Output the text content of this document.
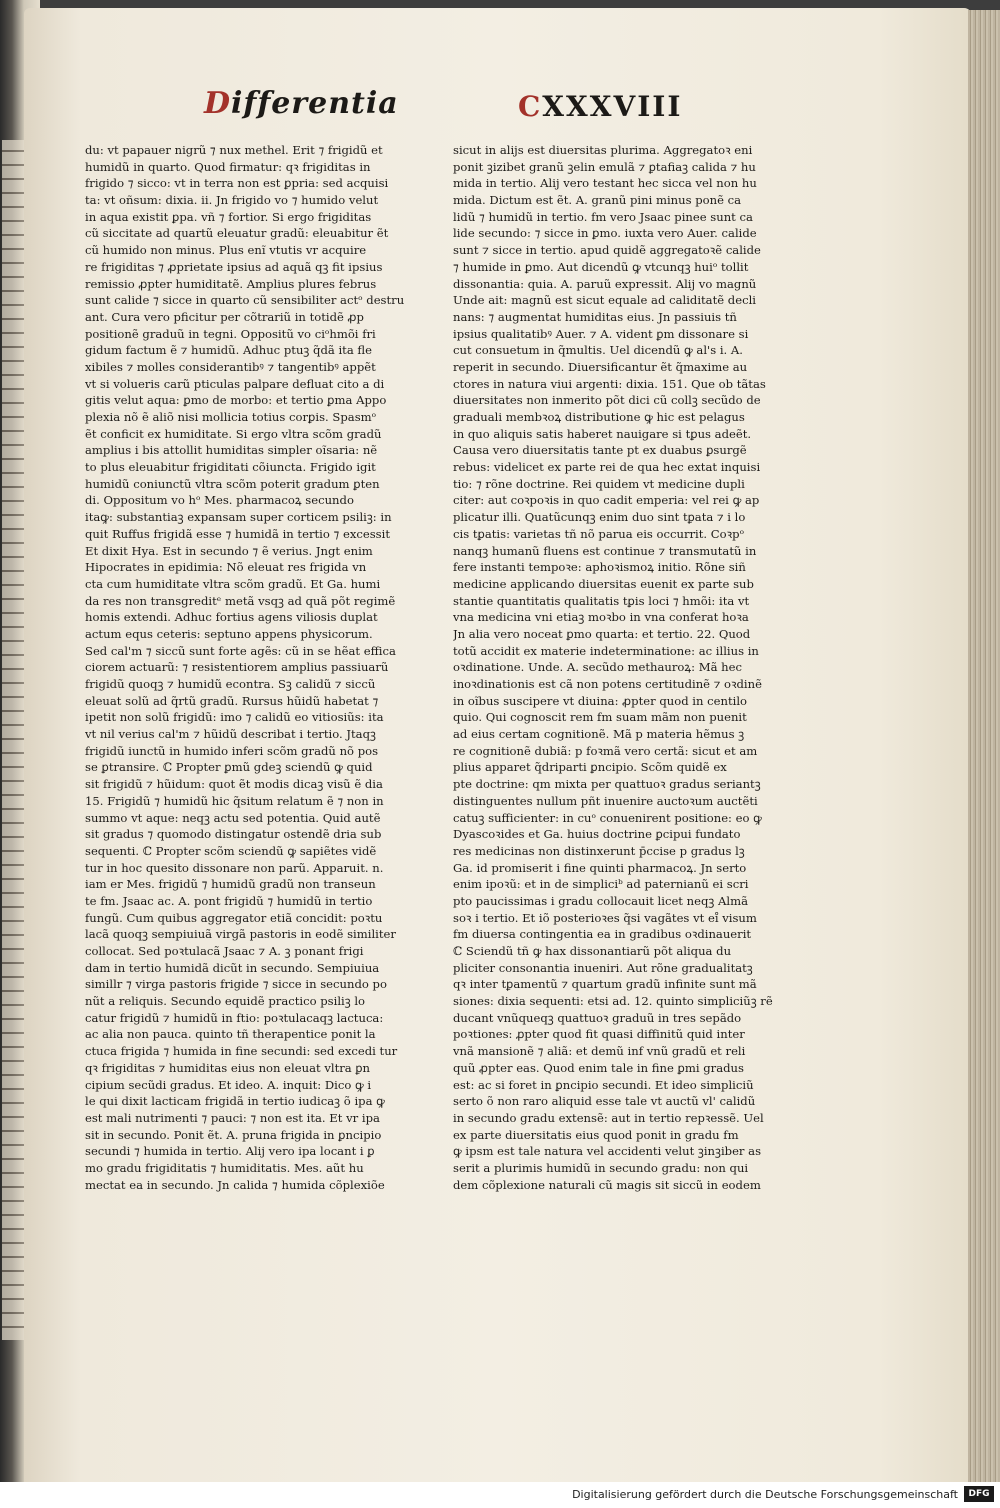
Differentia	CXXXVIII
du: vt papauer nigrũ ⁊ nux methel. Erit ⁊ frigidũ et
humidũ in quarto. Quod firmatur: qꝛ frigiditas in
frigido ⁊ sicco: vt in terra non est ꝑpria: sed acquisi
ta: vt oñsum: dixia. ii. Jn frigido vo ⁊ humido velut
in aqua existit ꝑpa. vñ ⁊ fortior. Si ergo frigiditas
cũ siccitate ad quartũ eleuatur gradũ: eleuabitur ẽt
cũ humido non minus. Plus enĩ vtutis vr acquire
re frigiditas ⁊ ꝓprietate ipsius ad aquã qꝫ fit ipsius
remissio ꝓpter humiditatẽ. Amplius plures februs
sunt calide ⁊ sicce in quarto cũ sensibiliter actᵒ destru
ant. Cura vero pficitur per cõtrariũ in totidẽ ꝓp
positionẽ graduũ in tegni. Oppositũ vo ciᵒhmõi fri
gidum factum ẽ ⁊ humidũ. Adhuc ptuꝫ q̃dã ita fle
xibiles ⁊ molles considerantibꝰ ⁊ tangentibꝰ appẽt
vt si volueris carũ pticulas palpare defluat cito a di
gitis velut aqua: ꝑmo de morbo: et tertio ꝑma Appo
plexia nõ ẽ aliõ nisi mollicia totius corꝑis. Spasmᵒ
ẽt conficit ex humiditate. Si ergo vltra scõm gradũ
amplius i bis attollit humiditas simpler oĩsaria: nẽ
to plus eleuabitur frigiditati cõiuncta. Frigido igit
humidũ coniunctũ vltra scõm poterit gradum ꝑten
di. Oppositum vo hᵒ Mes. pharmacoꝝ secundo
itaꝙ: substantiaꝫ expansam super corticem psiliꝫ: in
quit Ruffus frigidã esse ⁊ humidã in tertio ⁊ excessit
Et dixit Hya. Est in secundo ⁊ ẽ verius. Jngt enim
Hipocrates in epidimia: Nõ eleuat res frigida vn
cta cum humiditate vltra scõm gradũ. Et Ga. humi
da res non transgreditᵉ metã vsqꝫ ad quã põt regimẽ
homis extendi. Adhuc fortius agens viliosis duplat
actum equs ceteris: septuno appens physicorum.
Sed cal'm ⁊ siccũ sunt forte agẽs: cũ in se hẽat effica
ciorem actuarũ: ⁊ resistentiorem amplius passiuarũ
frigidũ quoqꝫ ⁊ humidũ econtra. Sꝫ calidũ ⁊ siccũ
eleuat solũ ad q̃rtũ gradũ. Rursus hũidũ habetat ⁊
ipetit non solũ frigidũ: imo ⁊ calidũ eo vitiosiũs: ita
vt nil verius cal'm ⁊ hũidũ describat i tertio. Jtaqꝫ
frigidũ iunctũ in humido inferi scõm gradũ nõ pos
se ꝑtransire. ℂ Propter ꝑmũ gdeꝫ sciendũ ꝙ quid
sit frigidũ ⁊ hũidum: quot ẽt modis dicaꝫ visũ ẽ dia
15. Frigidũ ⁊ humidũ hic q̃situm relatum ẽ ⁊ non in
summo vt aque: neqꝫ actu sed potentia. Quid autẽ
sit gradus ⁊ quomodo distingatur ostendẽ dria sub
sequenti. ℂ Propter scõm sciendũ ꝙ sapiẽtes vidẽ
tur in hoc quesito dissonare non parũ. Apparuit. n.
iam er Mes. frigidũ ⁊ humidũ gradũ non transeun
te fm. Jsaac ac. A. pont frigidũ ⁊ humidũ in tertio
fungũ. Cum quibus aggregator etiã concidit: poꝛtu
lacã quoqꝫ sempiuiuã virgã pastoris in eodẽ similiter
collocat. Sed poꝛtulacã Jsaac ⁊ A. ꝫ ponant frigi
dam in tertio humidã dicũt in secundo. Sempiuiua
simillr ⁊ virga pastoris frigide ⁊ sicce in secundo po
nũt a reliquis. Secundo equidẽ practico psiliꝫ lo
catur frigidũ ⁊ humidũ in ftio: poꝛtulacaqꝫ lactuca:
ac alia non pauca. quinto tñ therapentice ponit la
ctuca frigida ⁊ humida in fine secundi: sed excedi tur
qꝛ frigiditas ⁊ humiditas eius non eleuat vltra ꝑn
cipium secũdi gradus. Et ideo. A. inquit: Dico ꝙ i
le qui dixit lacticam frigidã in tertio iudicaꝫ õ ipa ꝙ
est mali nutrimenti ⁊ pauci: ⁊ non est ita. Et vr ipa
sit in secundo. Ponit ẽt. A. pruna frigida in ꝑncipio
secundi ⁊ humida in tertio. Alij vero ipa locant i ꝑ
mo gradu frigiditatis ⁊ humiditatis. Mes. aũt hu
mectat ea in secundo. Jn calida ⁊ humida cõplexiõe
sicut in alijs est diuersitas plurima. Aggregatoꝛ eni
ponit ꝫizibet granũ ꝫelin emulã ⁊ ꝑtafiaꝫ calida ⁊ hu
mida in tertio. Alij vero testant hec sicca vel non hu
mida. Dictum est ẽt. A. granũ pini minus ponẽ ca
lidũ ⁊ humidũ in tertio. fm vero Jsaac pinee sunt ca
lide secundo: ⁊ sicce in ꝑmo. iuxta vero Auer. calide
sunt ⁊ sicce in tertio. apud quidẽ aggregatoꝛẽ calide
⁊ humide in ꝑmo. Aut dicendũ ꝙ vtcunqꝫ huiᵒ tollit
dissonantia: quia. A. paruũ expressit. Alij vo magnũ
Unde ait: magnũ est sicut equale ad caliditatẽ decli
nans: ⁊ augmentat humiditas eius. Jn passiuis tñ
ipsius qualitatibꝰ Auer. ⁊ A. vident ꝑm dissonare si
cut consuetum in q̃multis. Uel dicendũ ꝙ al's i. A.
reperit in secundo. Diuersificantur ẽt q̃maxime au
ctores in natura viui argenti: dixia. 151. Que ob tãtas
diuersitates non inmerito põt dici cũ collꝫ secũdo de
graduali membꝛoꝝ distributione ꝙ hic est pelagus
in quo aliquis satis haberet nauigare si tꝑus adeẽt.
Causa vero diuersitatis tante pt ex duabus ꝑsurgẽ
rebus: videlicet ex parte rei de qua hec extat inquisi
tio: ⁊ rõne doctrine. Rei quidem vt medicine dupli
citer: aut coꝛpoꝛis in quo cadit emperia: vel rei ꝙ ap
plicatur illi. Quatũcunqꝫ enim duo sint tꝑata ⁊ i lo
cis tꝑatis: varietas tñ nõ parua eis occurrit. Coꝛpᵒ
nanqꝫ humanũ fluens est continue ⁊ transmutatũ in
fere instanti tempoꝛe: aphoꝛismoꝝ initio. Rõne siñ
medicine applicando diuersitas euenit ex parte sub
stantie quantitatis qualitatis tꝑis loci ⁊ hmõi: ita vt
vna medicina vni etiaꝫ moꝛbo in vna conferat hoꝛa
Jn alia vero noceat ꝑmo quarta: et tertio. 22. Quod
totũ accidit ex materie indeterminatione: ac illius in
oꝛdinatione. Unde. A. secũdo methauroꝝ: Mã hec
inoꝛdinationis est cã non potens certitudinẽ ⁊ oꝛdinẽ
in oĩbus suscipere vt diuina: ꝓpter quod in centilo
quio. Qui cognoscit rem fm suam mãm non puenit
ad eius certam cognitionẽ. Mã p materia hẽmus ꝫ
re cognitionẽ dubiã: p foꝛmã vero certã: sicut et am
plius apparet q̃driparti ꝑncipio. Scõm quidẽ ex
pte doctrine: qm mixta per quattuoꝛ gradus seriantꝫ
distinguentes nullum pñt inuenire auctoꝛum auctẽti
catuꝫ sufficienter: in cuᵒ conuenirent positione: eo ꝙ
Dyascoꝛides et Ga. huius doctrine ꝑcipui fundato
res medicinas non distinxerunt p̄ccise p gradus lꝫ
Ga. id promiserit i fine quinti pharmacoꝝ. Jn serto
enim ipoꝛũ: et in de simpliciᵇ ad paternianũ ei scri
pto paucissimas i gradu collocauit licet neqꝫ Almã
soꝛ i tertio. Et iõ posterioꝛes q̃si vagãtes vt ei̊ visum
fm diuersa contingentia ea in gradibus oꝛdinauerit
ℂ Sciendũ tñ ꝙ hax dissonantiarũ põt aliqua du
pliciter consonantia inueniri. Aut rõne gradualitatꝫ
qꝛ inter tꝑamentũ ⁊ quartum gradũ infinite sunt mã
siones: dixia sequenti: etsi ad. 12. quinto simpliciũꝫ rẽ
ducant vnũqueqꝫ quattuoꝛ graduũ in tres sepãdo
poꝛtiones: ꝓpter quod fit quasi diffinitũ quid inter
vnã mansionẽ ⁊ aliã: et demũ inf vnũ gradũ et reli
quũ ꝓpter eas. Quod enim tale in fine ꝑmi gradus
est: ac si foret in ꝑncipio secundi. Et ideo simpliciũ
serto õ non raro aliquid esse tale vt auctũ vl' calidũ
in secundo gradu extensẽ: aut in tertio repꝛessẽ. Uel
ex parte diuersitatis eius quod ponit in gradu fm
ꝙ ipsm est tale natura vel accidenti velut ꝫinꝫiber as
serit a plurimis humidũ in secundo gradu: non qui
dem cõplexione naturali cũ magis sit siccũ in eodem
Digitalisierung gefördert durch die Deutsche Forschungsgemeinschaft	DFG
